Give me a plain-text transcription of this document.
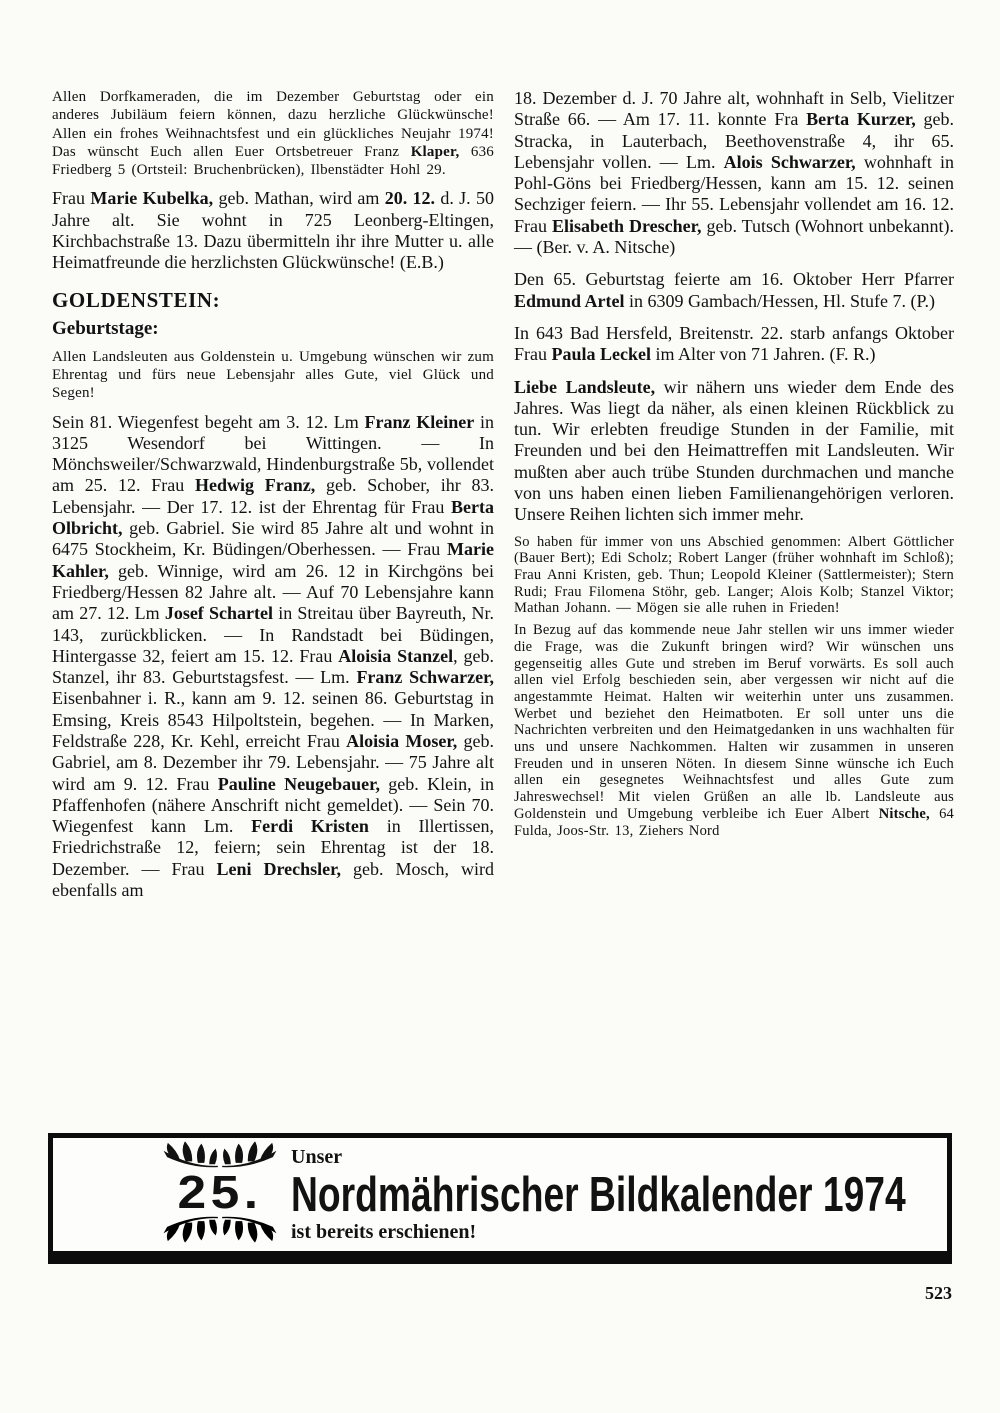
Allen Dorfkameraden, die im Dezember Geburtstag oder ein anderes Jubiläum feiern können, dazu herzliche Glückwünsche! Allen ein frohes Weihnachtsfest und ein glückliches Neujahr 1974! Das wünscht Euch allen Euer Ortsbetreuer Franz Klaper, 636 Friedberg 5 (Ortsteil: Bruchenbrücken), Ilbenstädter Hohl 29.

Frau Marie Kubelka, geb. Mathan, wird am 20. 12. d. J. 50 Jahre alt. Sie wohnt in 725 Leonberg-Eltingen, Kirchbachstraße 13. Dazu übermitteln ihr ihre Mutter u. alle Heimatfreunde die herzlichsten Glückwünsche! (E.B.)

GOLDENSTEIN:
Geburtstage:

Allen Landsleuten aus Goldenstein u. Umgebung wünschen wir zum Ehrentag und fürs neue Lebensjahr alles Gute, viel Glück und Segen!

Sein 81. Wiegenfest begeht am 3. 12. Lm Franz Kleiner in 3125 Wesendorf bei Wittingen. — In Mönchsweiler/Schwarzwald, Hindenburgstraße 5b, vollendet am 25. 12. Frau Hedwig Franz, geb. Schober, ihr 83. Lebensjahr. — Der 17. 12. ist der Ehrentag für Frau Berta Olbricht, geb. Gabriel. Sie wird 85 Jahre alt und wohnt in 6475 Stockheim, Kr. Büdingen/Oberhessen. — Frau Marie Kahler, geb. Winnige, wird am 26. 12 in Kirchgöns bei Friedberg/Hessen 82 Jahre alt. — Auf 70 Lebensjahre kann am 27. 12. Lm Josef Schartel in Streitau über Bayreuth, Nr. 143, zurückblicken. — In Randstadt bei Büdingen, Hintergasse 32, feiert am 15. 12. Frau Aloisia Stanzel, geb. Stanzel, ihr 83. Geburtstagsfest. — Lm. Franz Schwarzer, Eisenbahner i. R., kann am 9. 12. seinen 86. Geburtstag in Emsing, Kreis 8543 Hilpoltstein, begehen. — In Marken, Feldstraße 228, Kr. Kehl, erreicht Frau Aloisia Moser, geb. Gabriel, am 8. Dezember ihr 79. Lebensjahr. — 75 Jahre alt wird am 9. 12. Frau Pauline Neugebauer, geb. Klein, in Pfaffenhofen (nähere Anschrift nicht gemeldet). — Sein 70. Wiegenfest kann Lm. Ferdi Kristen in Illertissen, Friedrichstraße 12, feiern; sein Ehrentag ist der 18. Dezember. — Frau Leni Drechsler, geb. Mosch, wird ebenfalls am

18. Dezember d. J. 70 Jahre alt, wohnhaft in Selb, Vielitzer Straße 66. — Am 17. 11. konnte Fra Berta Kurzer, geb. Stracka, in Lauterbach, Beethovenstraße 4, ihr 65. Lebensjahr vollen. — Lm. Alois Schwarzer, wohnhaft in Pohl-Göns bei Friedberg/Hessen, kann am 15. 12. seinen Sechziger feiern. — Ihr 55. Lebensjahr vollendet am 16. 12. Frau Elisabeth Drescher, geb. Tutsch (Wohnort unbekannt). — (Ber. v. A. Nitsche)

Den 65. Geburtstag feierte am 16. Oktober Herr Pfarrer Edmund Artel in 6309 Gambach/Hessen, Hl. Stufe 7. (P.)

In 643 Bad Hersfeld, Breitenstr. 22. starb anfangs Oktober Frau Paula Leckel im Alter von 71 Jahren. (F. R.)

Liebe Landsleute, wir nähern uns wieder dem Ende des Jahres. Was liegt da näher, als einen kleinen Rückblick zu tun. Wir erlebten freudige Stunden in der Familie, mit Freunden und bei den Heimattreffen mit Landsleuten. Wir mußten aber auch trübe Stunden durchmachen und manche von uns haben einen lieben Familienangehörigen verloren. Unsere Reihen lichten sich immer mehr.

So haben für immer von uns Abschied genommen: Albert Göttlicher (Bauer Bert); Edi Scholz; Robert Langer (früher wohnhaft im Schloß); Frau Anni Kristen, geb. Thun; Leopold Kleiner (Sattlermeister); Stern Rudi; Frau Filomena Stöhr, geb. Langer; Alois Kolb; Stanzel Viktor; Mathan Johann. — Mögen sie alle ruhen in Frieden!

In Bezug auf das kommende neue Jahr stellen wir uns immer wieder die Frage, was die Zukunft bringen wird? Wir wünschen uns gegenseitig alles Gute und streben im Beruf vorwärts. Es soll auch allen viel Erfolg beschieden sein, aber vergessen wir nicht auf die angestammte Heimat. Halten wir weiterhin unter uns zusammen. Werbet und beziehet den Heimatboten. Er soll unter uns die Nachrichten verbreiten und den Heimatgedanken in uns wachhalten für uns und unsere Nachkommen. Halten wir zusammen in unseren Freuden und in unseren Nöten. In diesem Sinne wünsche ich Euch allen ein gesegnetes Weihnachtsfest und alles Gute zum Jahreswechsel! Mit vielen Grüßen an alle lb. Landsleute aus Goldenstein und Umgebung verbleibe ich Euer Albert Nitsche, 64 Fulda, Joos-Str. 13, Ziehers Nord

25.
Unser
Nordmährischer Bildkalender 1974
ist bereits erschienen!
523
